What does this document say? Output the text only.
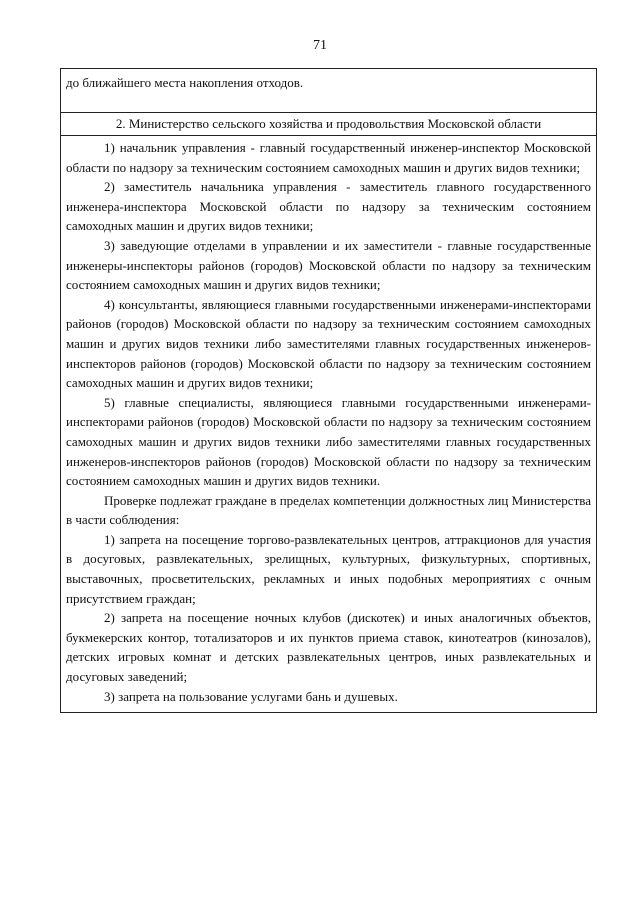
71
до ближайшего места накопления отходов.
2. Министерство сельского хозяйства и продовольствия Московской области

1) начальник управления - главный государственный инженер-инспектор Московской области по надзору за техническим состоянием самоходных машин и других видов техники;

2) заместитель начальника управления - заместитель главного государственного инженера-инспектора Московской области по надзору за техническим состоянием самоходных машин и других видов техники;

3) заведующие отделами в управлении и их заместители - главные государственные инженеры-инспекторы районов (городов) Московской области по надзору за техническим состоянием самоходных машин и других видов техники;

4) консультанты, являющиеся главными государственными инженерами-инспекторами районов (городов) Московской области по надзору за техническим состоянием самоходных машин и других видов техники либо заместителями главных государственных инженеров-инспекторов районов (городов) Московской области по надзору за техническим состоянием самоходных машин и других видов техники;

5) главные специалисты, являющиеся главными государственными инженерами-инспекторами районов (городов) Московской области по надзору за техническим состоянием самоходных машин и других видов техники либо заместителями главных государственных инженеров-инспекторов районов (городов) Московской области по надзору за техническим состоянием самоходных машин и других видов техники.

Проверке подлежат граждане в пределах компетенции должностных лиц Министерства в части соблюдения:

1) запрета на посещение торгово-развлекательных центров, аттракционов для участия в досуговых, развлекательных, зрелищных, культурных, физкультурных, спортивных, выставочных, просветительских, рекламных и иных подобных мероприятиях с очным присутствием граждан;

2) запрета на посещение ночных клубов (дискотек) и иных аналогичных объектов, букмекерских контор, тотализаторов и их пунктов приема ставок, кинотеатров (кинозалов), детских игровых комнат и детских развлекательных центров, иных развлекательных и досуговых заведений;

3) запрета на пользование услугами бань и душевых.
